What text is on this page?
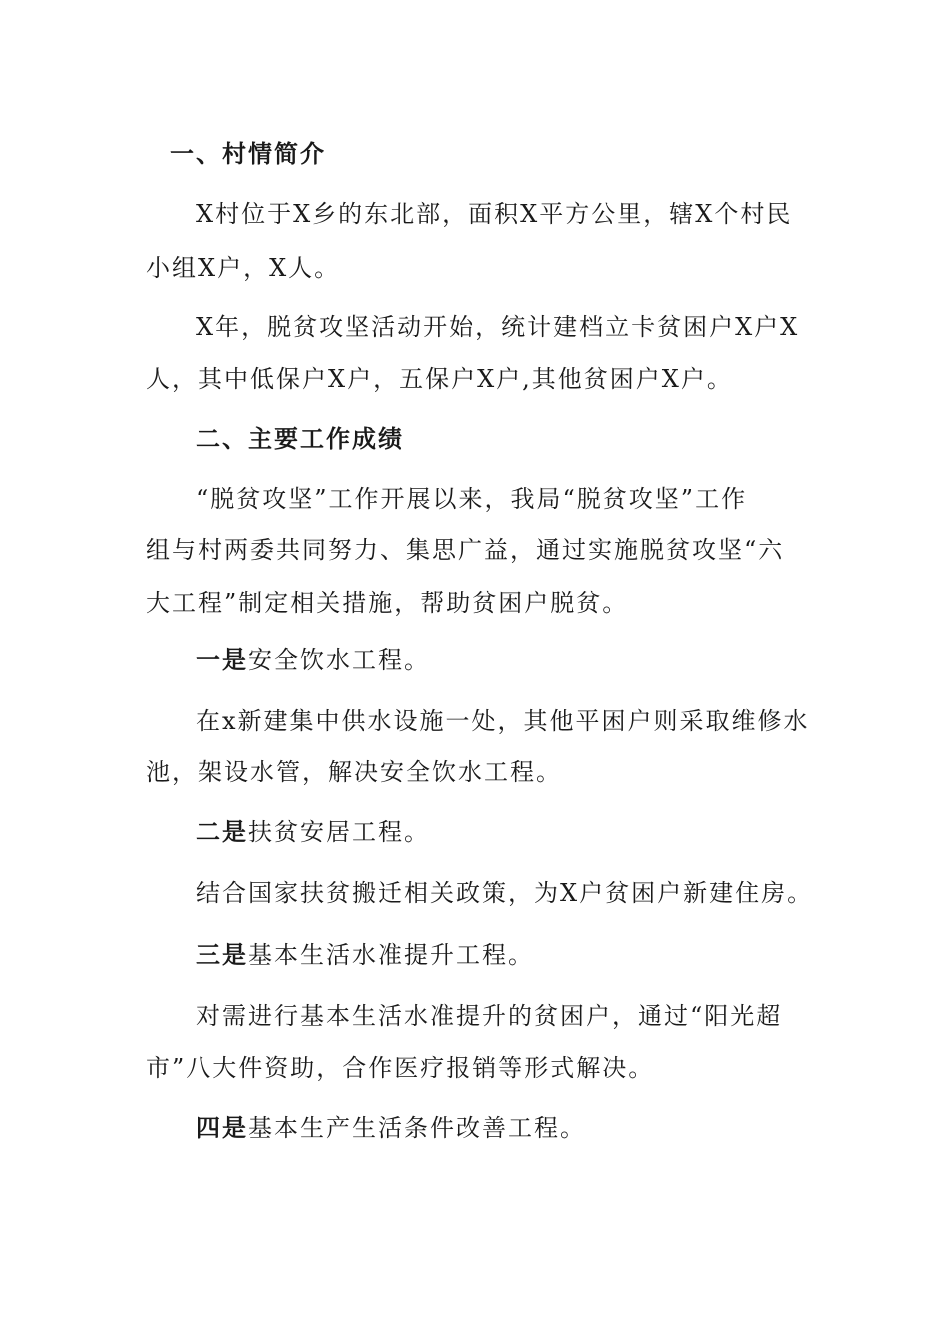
一、村情简介
X村位于X乡的东北部，面积X平方公里，辖X个村民
小组X户，X人。
X年，脱贫攻坚活动开始，统计建档立卡贫困户X户X
人，其中低保户X户，五保户X户,其他贫困户X户。
二、主要工作成绩
“脱贫攻坚”工作开展以来，我局“脱贫攻坚”工作
组与村两委共同努力、集思广益，通过实施脱贫攻坚“六
大工程”制定相关措施，帮助贫困户脱贫。
一是安全饮水工程。
在x新建集中供水设施一处，其他平困户则采取维修水
池，架设水管，解决安全饮水工程。
二是扶贫安居工程。
结合国家扶贫搬迁相关政策，为X户贫困户新建住房。
三是基本生活水准提升工程。
对需进行基本生活水准提升的贫困户，通过“阳光超
市”八大件资助，合作医疗报销等形式解决。
四是基本生产生活条件改善工程。
